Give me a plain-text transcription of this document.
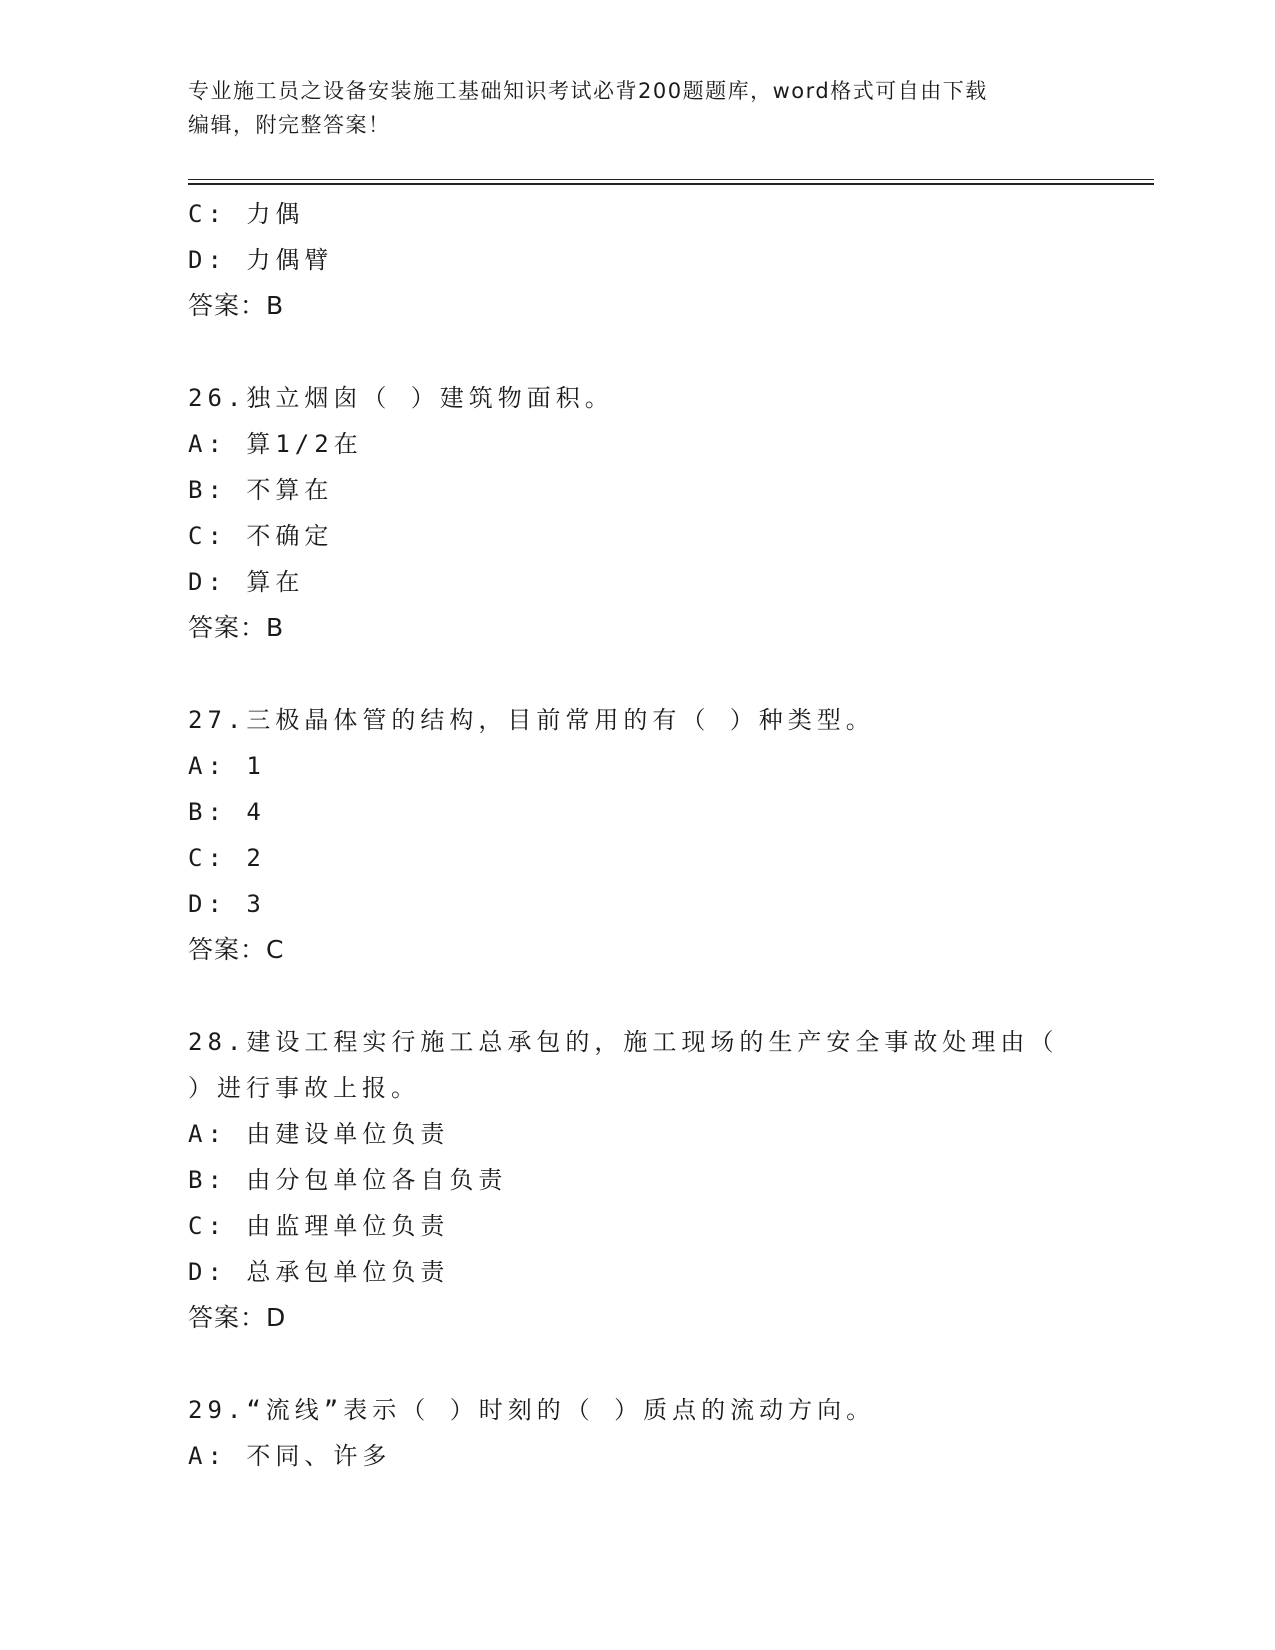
专业施工员之设备安装施工基础知识考试必背200题题库，word格式可自由下载
编辑，附完整答案！
C: 力偶
D: 力偶臂
答案：B
26.独立烟囱（ ）建筑物面积。
A: 算1/2在
B: 不算在
C: 不确定
D: 算在
答案：B
27.三极晶体管的结构，目前常用的有（ ）种类型。
A: 1
B: 4
C: 2
D: 3
答案：C
28.建设工程实行施工总承包的，施工现场的生产安全事故处理由（
）进行事故上报。
A: 由建设单位负责
B: 由分包单位各自负责
C: 由监理单位负责
D: 总承包单位负责
答案：D
29.“流线”表示（ ）时刻的（ ）质点的流动方向。
A: 不同、许多
